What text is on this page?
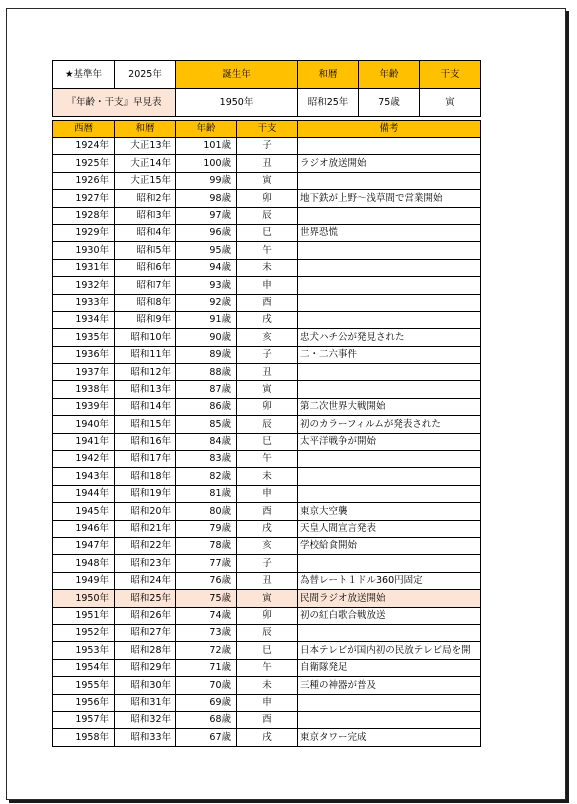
★基準年	2025年	誕生年	和暦	年齢	干支
『年齢・干支』早見表		1950年	昭和25年	75歳	寅
西暦	和暦	年齢	干支	備考
1924年	大正13年	101歳	子	
1925年	大正14年	100歳	丑	ラジオ放送開始
1926年	大正15年	99歳	寅	
1927年	昭和2年	98歳	卯	地下鉄が上野～浅草間で営業開始
1928年	昭和3年	97歳	辰	
1929年	昭和4年	96歳	巳	世界恐慌
1930年	昭和5年	95歳	午	
1931年	昭和6年	94歳	未	
1932年	昭和7年	93歳	申	
1933年	昭和8年	92歳	酉	
1934年	昭和9年	91歳	戌	
1935年	昭和10年	90歳	亥	忠犬ハチ公が発見された
1936年	昭和11年	89歳	子	二・二六事件
1937年	昭和12年	88歳	丑	
1938年	昭和13年	87歳	寅	
1939年	昭和14年	86歳	卯	第二次世界大戦開始
1940年	昭和15年	85歳	辰	初のカラーフィルムが発表された
1941年	昭和16年	84歳	巳	太平洋戦争が開始
1942年	昭和17年	83歳	午	
1943年	昭和18年	82歳	未	
1944年	昭和19年	81歳	申	
1945年	昭和20年	80歳	酉	東京大空襲
1946年	昭和21年	79歳	戌	天皇人間宣言発表
1947年	昭和22年	78歳	亥	学校給食開始
1948年	昭和23年	77歳	子	
1949年	昭和24年	76歳	丑	為替レート１ドル360円固定
1950年	昭和25年	75歳	寅	民間ラジオ放送開始
1951年	昭和26年	74歳	卯	初の紅白歌合戦放送
1952年	昭和27年	73歳	辰	
1953年	昭和28年	72歳	巳	日本テレビが国内初の民放テレビ局を開
1954年	昭和29年	71歳	午	自衛隊発足
1955年	昭和30年	70歳	未	三種の神器が普及
1956年	昭和31年	69歳	申	
1957年	昭和32年	68歳	酉	
1958年	昭和33年	67歳	戌	東京タワー完成
